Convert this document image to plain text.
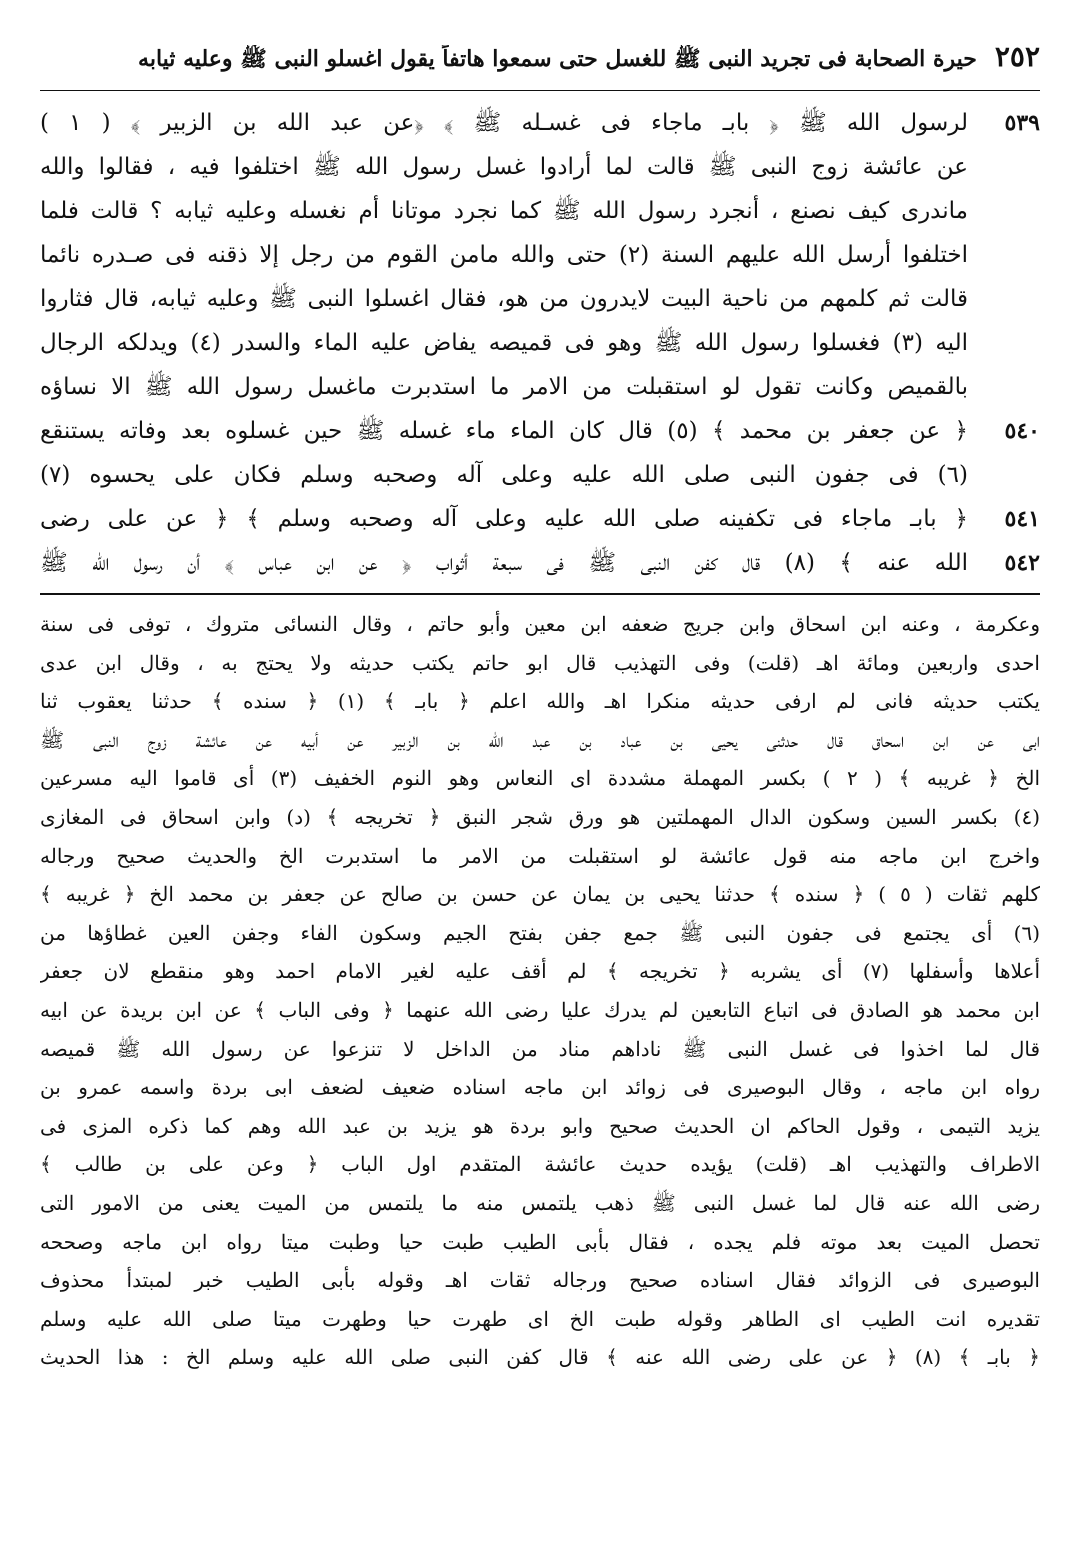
٢٥٢
حيرة الصحابة فى تجريد النبى ﷺ للغسل حتى سمعوا هاتفاً يقول اغسلو النبى ﷺ وعليه ثيابه
٥٣٩
لرسول الله ﷺ ﴿ بابـ ماجاء فى غسـله ﷺ ﴾ ﴿عن عبد الله بن الزبير ﴾ ( ١ )
عن عائشة زوج النبى ﷺ قالت لما أرادوا غسل رسول الله ﷺ اختلفوا فيه ، فقالوا والله
ماندرى كيف نصنع ، أنجرد رسول الله ﷺ كما نجرد موتانا أم نغسله وعليه ثيابه ؟ قالت فلما
اختلفوا أرسل الله عليهم السنة (٢) حتى والله مامن القوم من رجل إلا ذقنه فى صـدره نائما
قالت ثم كلمهم من ناحية البيت لايدرون من هو، فقال اغسلوا النبى ﷺ وعليه ثيابه، قال فثاروا
اليه (٣) فغسلوا رسول الله ﷺ وهو فى قميصه يفاض عليه الماء والسدر (٤) ويدلكه الرجال
بالقميص وكانت تقول لو استقبلت من الامر ما استدبرت ماغسل رسول الله ﷺ الا نساؤه
٥٤٠
﴿ عن جعفر بن محمد ﴾ (٥) قال كان الماء ماء غسله ﷺ حين غسلوه بعد وفاته يستنقع
(٦) فى جفون النبى صلى الله عليه وعلى آله وصحبه وسلم فكان على يحسوه (٧)
٥٤١
﴿ بابـ ماجاء فى تكفينه صلى الله عليه وعلى آله وصحبه وسلم ﴾ ﴿ عن على رضى
٥٤٢
الله عنه ﴾ (٨) قال كفن النبى ﷺ فى سبعة أثواب ﴿ عن ابن عباس ﴾ أن رسول الله ﷺ
وعكرمة ، وعنه ابن اسحاق وابن جريج ضعفه ابن معين وأبو حاتم ، وقال النسائى متروك ، توفى فى سنة
احدى واربعين ومائة اهـ (قلت) وفى التهذيب قال ابو حاتم يكتب حديثه ولا يحتج به ، وقال ابن عدى
يكتب حديثه فانى لم ارفى حديثه منكرا اهـ والله اعلم ﴿ بابـ ﴾ (١) ﴿ سنده ﴾ حدثنا يعقوب ثنا
ابى عن ابن اسحاق قال حدثنى يحيى بن عباد بن عبد الله بن الزبير عن أبيه عن عائشة زوج النبى ﷺ
الخ ﴿ غريبه ﴾ ( ٢ ) بكسر المهملة مشددة اى النعاس وهو النوم الخفيف (٣) أى قاموا اليه مسرعين
(٤) بكسر السين وسكون الدال المهملتين هو ورق شجر النبق ﴿ تخريجه ﴾ (د) وابن اسحاق فى المغازى
واخرج ابن ماجه منه قول عائشة لو استقبلت من الامر ما استدبرت الخ والحديث صحيح ورجاله
كلهم ثقات ( ٥ ) ﴿ سنده ﴾ حدثنا يحيى بن يمان عن حسن بن صالح عن جعفر بن محمد الخ ﴿ غريبه ﴾
(٦) أى يجتمع فى جفون النبى ﷺ جمع جفن بفتح الجيم وسكون الفاء وجفن العين غطاؤها من
أعلاها وأسفلها (٧) أى يشربه ﴿ تخريجه ﴾ لم أقف عليه لغير الامام احمد وهو منقطع لان جعفر
ابن محمد هو الصادق فى اتباع التابعين لم يدرك عليا رضى الله عنهما ﴿ وفى الباب ﴾ عن ابن بريدة عن ابيه
قال لما اخذوا فى غسل النبى ﷺ ناداهم مناد من الداخل لا تنزعوا عن رسول الله ﷺ قميصه
رواه ابن ماجه ، وقال البوصيرى فى زوائد ابن ماجه اسناده ضعيف لضعف ابى بردة واسمه عمرو بن
يزيد التيمى ، وقول الحاكم ان الحديث صحيح وابو بردة هو يزيد بن عبد الله وهم كما ذكره المزى فى
الاطراف والتهذيب اهـ (قلت) يؤيده حديث عائشة المتقدم اول الباب ﴿ وعن على بن طالب ﴾
رضى الله عنه قال لما غسل النبى ﷺ ذهب يلتمس منه ما يلتمس من الميت يعنى من الامور التى
تحصل الميت بعد موته فلم يجده ، فقال بأبى الطيب طبت حيا وطبت ميتا رواه ابن ماجه وصححه
البوصيرى فى الزوائد فقال اسناده صحيح ورجاله ثقات اهـ وقوله بأبى الطيب خبر لمبتدأ محذوف
تقديره انت الطيب اى الطاهر وقوله طبت الخ اى طهرت حيا وطهرت ميتا صلى الله عليه وسلم
﴿ بابـ ﴾ (٨) ﴿ عن على رضى الله عنه ﴾ قال كفن النبى صلى الله عليه وسلم الخ : هذا الحديث
